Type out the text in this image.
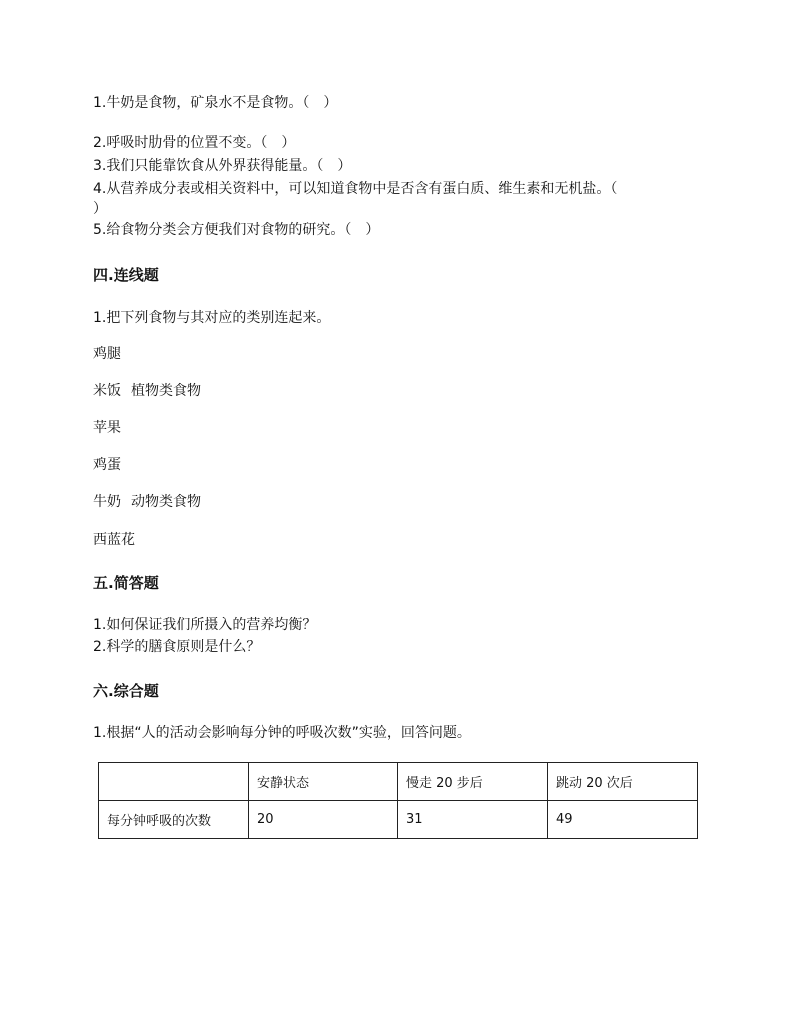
1.牛奶是食物，矿泉水不是食物。（　）
2.呼吸时肋骨的位置不变。（　）
3.我们只能靠饮食从外界获得能量。（　）
4.从营养成分表或相关资料中，可以知道食物中是否含有蛋白质、维生素和无机盐。（
）
5.给食物分类会方便我们对食物的研究。（　）
四.连线题
1.把下列食物与其对应的类别连起来。
鸡腿
米饭 植物类食物
苹果
鸡蛋
牛奶 动物类食物
西蓝花
五.简答题
1.如何保证我们所摄入的营养均衡？
2.科学的膳食原则是什么？
六.综合题
1.根据“人的活动会影响每分钟的呼吸次数”实验，回答问题。
	安静状态	慢走 20 步后	跳动 20 次后
每分钟呼吸的次数	20	31	49
